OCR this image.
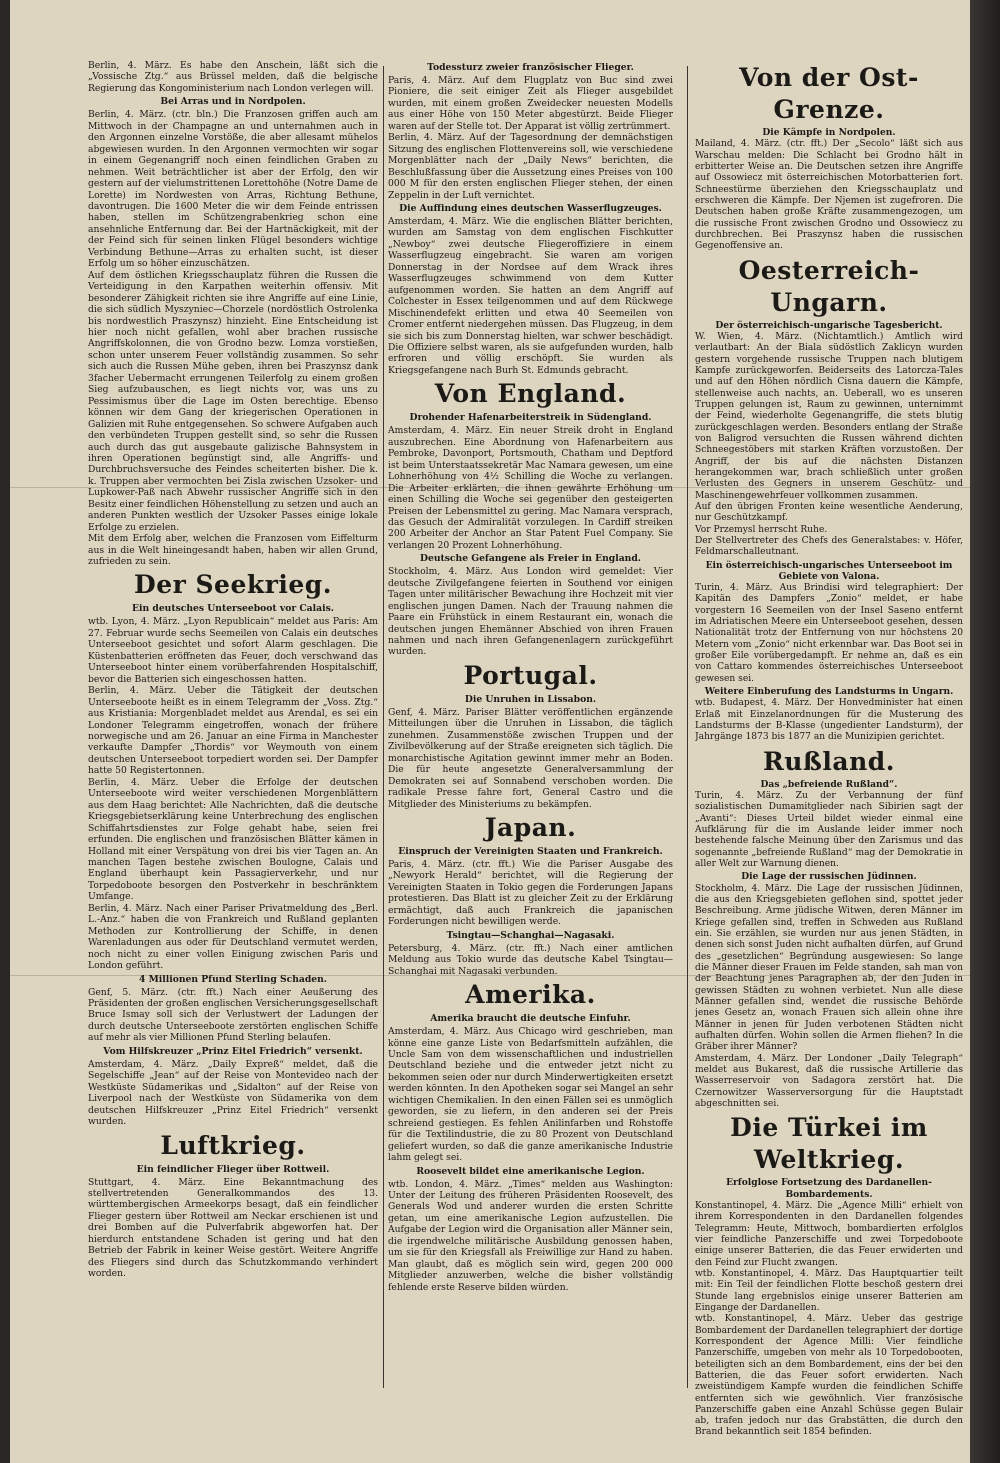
Berlin, 4. März. Es habe den Anschein, läßt sich die „Vossische Ztg.“ aus Brüssel melden, daß die belgische Regierung das Kongoministerium nach London verlegen will.

Bei Arras und in Nordpolen.

Berlin, 4. März. (ctr. bln.) Die Franzosen griffen auch am Mittwoch in der Champagne an und unternahmen auch in den Argonnen einzelne Vorstöße, die aber allesamt mühelos abgewiesen wurden. In den Argonnen vermochten wir sogar in einem Gegenangriff noch einen feindlichen Graben zu nehmen. Weit beträchtlicher ist aber der Erfolg, den wir gestern auf der vielumstrittenen Lorettohöhe (Notre Dame de Lorette) im Nordwesten von Arras, Richtung Bethune, davontrugen. Die 1600 Meter die wir dem Feinde entrissen haben, stellen im Schützengrabenkrieg schon eine ansehnliche Entfernung dar. Bei der Hartnäckigkeit, mit der der Feind sich für seinen linken Flügel besonders wichtige Verbindung Bethune—Arras zu erhalten sucht, ist dieser Erfolg um so höher einzuschätzen.

Auf dem östlichen Kriegsschauplatz führen die Russen die Verteidigung in den Karpathen weiterhin offensiv. Mit besonderer Zähigkeit richten sie ihre Angriffe auf eine Linie, die sich südlich Myszyniec—Chorzele (nordöstlich Ostrolenka bis nordwestlich Praszynsz) hinzieht. Eine Entscheidung ist hier noch nicht gefallen, wohl aber brachen russische Angriffskolonnen, die von Grodno bezw. Lomza vorstießen, schon unter unserem Feuer vollständig zusammen. So sehr sich auch die Russen Mühe geben, ihren bei Praszynsz dank 3facher Uebermacht errungenen Teilerfolg zu einem großen Sieg aufzubauschen, es liegt nichts vor, was uns zu Pessimismus über die Lage im Osten berechtige. Ebenso können wir dem Gang der kriegerischen Operationen in Galizien mit Ruhe entgegensehen. So schwere Aufgaben auch den verbündeten Truppen gestellt sind, so sehr die Russen auch durch das gut ausgebaute galizische Bahnsystem in ihren Operationen begünstigt sind, alle Angriffs- und Durchbruchsversuche des Feindes scheiterten bisher. Die k. k. Truppen aber vermochten bei Zisla zwischen Uzsoker- und Lupkower-Paß nach Abwehr russischer Angriffe sich in den Besitz einer feindlichen Höhenstellung zu setzen und auch an anderen Punkten westlich der Uzsoker Passes einige lokale Erfolge zu erzielen.

Mit dem Erfolg aber, welchen die Franzosen vom Eiffelturm aus in die Welt hineingesandt haben, haben wir allen Grund, zufrieden zu sein.

Der Seekrieg.

Ein deutsches Unterseeboot vor Calais.

wtb. Lyon, 4. März. „Lyon Republicain“ meldet aus Paris: Am 27. Februar wurde sechs Seemeilen von Calais ein deutsches Unterseeboot gesichtet und sofort Alarm geschlagen. Die Küstenbatterien eröffneten das Feuer, doch verschwand das Unterseeboot hinter einem vorüberfahrenden Hospitalschiff, bevor die Batterien sich eingeschossen hatten.

Berlin, 4. März. Ueber die Tätigkeit der deutschen Unterseeboote heißt es in einem Telegramm der „Voss. Ztg.“ aus Kristiania: Morgenbladet meldet aus Arendal, es sei ein Londoner Telegramm eingetroffen, wonach der frühere norwegische und am 26. Januar an eine Firma in Manchester verkaufte Dampfer „Thordis“ vor Weymouth von einem deutschen Unterseeboot torpediert worden sei. Der Dampfer hatte 50 Registertonnen.

Berlin, 4. März. Ueber die Erfolge der deutschen Unterseeboote wird weiter verschiedenen Morgenblättern aus dem Haag berichtet: Alle Nachrichten, daß die deutsche Kriegsgebietserklärung keine Unterbrechung des englischen Schiffahrtsdienstes zur Folge gehabt habe, seien frei erfunden. Die englischen und französischen Blätter kämen in Holland mit einer Verspätung von drei bis vier Tagen an. An manchen Tagen bestehe zwischen Boulogne, Calais und England überhaupt kein Passagierverkehr, und nur Torpedoboote besorgen den Postverkehr in beschränktem Umfange.

Berlin, 4. März. Nach einer Pariser Privatmeldung des „Berl. L.-Anz.“ haben die von Frankreich und Rußland geplanten Methoden zur Kontrollierung der Schiffe, in denen Warenladungen aus oder für Deutschland vermutet werden, noch nicht zu einer vollen Einigung zwischen Paris und London geführt.

4 Millionen Pfund Sterling Schaden.

Genf, 5. März. (ctr. fft.) Nach einer Aeußerung des Präsidenten der großen englischen Versicherungsgesellschaft Bruce Ismay soll sich der Verlustwert der Ladungen der durch deutsche Unterseeboote zerstörten englischen Schiffe auf mehr als vier Millionen Pfund Sterling belaufen.

Vom Hilfskreuzer „Prinz Eitel Friedrich“ versenkt.

Amsterdam, 4. März. „Daily Expreß“ meldet, daß die Segelschiffe „Jean“ auf der Reise von Montevideo nach der Westküste Südamerikas und „Sidalton“ auf der Reise von Liverpool nach der Westküste von Südamerika von dem deutschen Hilfskreuzer „Prinz Eitel Friedrich“ versenkt wurden.

Luftkrieg.

Ein feindlicher Flieger über Rottweil.

Stuttgart, 4. März. Eine Bekanntmachung des stellvertretenden Generalkommandos des 13. württembergischen Armeekorps besagt, daß ein feindlicher Flieger gestern über Rottweil am Neckar erschienen ist und drei Bomben auf die Pulverfabrik abgeworfen hat. Der hierdurch entstandene Schaden ist gering und hat den Betrieb der Fabrik in keiner Weise gestört. Weitere Angriffe des Fliegers sind durch das Schutzkommando verhindert worden.

Todessturz zweier französischer Flieger.

Paris, 4. März. Auf dem Flugplatz von Buc sind zwei Pioniere, die seit einiger Zeit als Flieger ausgebildet wurden, mit einem großen Zweidecker neuesten Modells aus einer Höhe von 150 Meter abgestürzt. Beide Flieger waren auf der Stelle tot. Der Apparat ist völlig zertrümmert.

Berlin, 4. März. Auf der Tagesordnung der demnächstigen Sitzung des englischen Flottenvereins soll, wie verschiedene Morgenblätter nach der „Daily News“ berichten, die Beschlußfassung über die Aussetzung eines Preises von 100 000 M für den ersten englischen Flieger stehen, der einen Zeppelin in der Luft vernichtet.

Die Auffindung eines deutschen Wasserflugzeuges.

Amsterdam, 4. März. Wie die englischen Blätter berichten, wurden am Samstag von dem englischen Fischkutter „Newboy“ zwei deutsche Fliegeroffiziere in einem Wasserflugzeug eingebracht. Sie waren am vorigen Donnerstag in der Nordsee auf dem Wrack ihres Wasserflugzeuges schwimmend von dem Kutter aufgenommen worden. Sie hatten an dem Angriff auf Colchester in Essex teilgenommen und auf dem Rückwege Mischinendefekt erlitten und etwa 40 Seemeilen von Cromer entfernt niedergehen müssen. Das Flugzeug, in dem sie sich bis zum Donnerstag hielten, war schwer beschädigt. Die Offiziere selbst waren, als sie aufgefunden wurden, halb erfroren und völlig erschöpft. Sie wurden als Kriegsgefangene nach Burh St. Edmunds gebracht.

Von England.

Drohender Hafenarbeiterstreik in Südengland.

Amsterdam, 4. März. Ein neuer Streik droht in England auszubrechen. Eine Abordnung von Hafenarbeitern aus Pembroke, Davonport, Portsmouth, Chatham und Deptford ist beim Unterstaatssekretär Mac Namara gewesen, um eine Lohnerhöhung von 4½ Schilling die Woche zu verlangen. Die Arbeiter erklärten, die ihnen gewährte Erhöhung um einen Schilling die Woche sei gegenüber den gesteigerten Preisen der Lebensmittel zu gering. Mac Namara versprach, das Gesuch der Admiralität vorzulegen. In Cardiff streiken 200 Arbeiter der Anchor an Star Patent Fuel Company. Sie verlangen 20 Prozent Lohnerhöhung.

Deutsche Gefangene als Freier in England.

Stockholm, 4. März. Aus London wird gemeldet: Vier deutsche Zivilgefangene feierten in Southend vor einigen Tagen unter militärischer Bewachung ihre Hochzeit mit vier englischen jungen Damen. Nach der Trauung nahmen die Paare ein Frühstück in einem Restaurant ein, wonach die deutschen jungen Ehemänner Abschied von ihren Frauen nahmen und nach ihren Gefangenenlagern zurückgeführt wurden.

Portugal.

Die Unruhen in Lissabon.

Genf, 4. März. Pariser Blätter veröffentlichen ergänzende Mitteilungen über die Unruhen in Lissabon, die täglich zunehmen. Zusammenstöße zwischen Truppen und der Zivilbevölkerung auf der Straße ereigneten sich täglich. Die monarchistische Agitation gewinnt immer mehr an Boden. Die für heute angesetzte Generalversammlung der Demokraten sei auf Sonnabend verschoben worden. Die radikale Presse fahre fort, General Castro und die Mitglieder des Ministeriums zu bekämpfen.

Japan.

Einspruch der Vereinigten Staaten und Frankreich.

Paris, 4. März. (ctr. fft.) Wie die Pariser Ausgabe des „Newyork Herald“ berichtet, will die Regierung der Vereinigten Staaten in Tokio gegen die Forderungen Japans protestieren. Das Blatt ist zu gleicher Zeit zu der Erklärung ermächtigt, daß auch Frankreich die japanischen Forderungen nicht bewilligen werde.

Tsingtau—Schanghai—Nagasaki.

Petersburg, 4. März. (ctr. fft.) Nach einer amtlichen Meldung aus Tokio wurde das deutsche Kabel Tsingtau—Schanghai mit Nagasaki verbunden.

Amerika.

Amerika braucht die deutsche Einfuhr.

Amsterdam, 4. März. Aus Chicago wird geschrieben, man könne eine ganze Liste von Bedarfsmitteln aufzählen, die Uncle Sam von dem wissenschaftlichen und industriellen Deutschland beziehe und die entweder jetzt nicht zu bekommen seien oder nur durch Minderwertigkeiten ersetzt werden könnten. In den Apotheken sogar sei Mangel an sehr wichtigen Chemikalien. In den einen Fällen sei es unmöglich geworden, sie zu liefern, in den anderen sei der Preis schreiend gestiegen. Es fehlen Anilinfarben und Rohstoffe für die Textilindustrie, die zu 80 Prozent von Deutschland geliefert wurden, so daß die ganze amerikanische Industrie lahm gelegt sei.

Roosevelt bildet eine amerikanische Legion.

wtb. London, 4. März. „Times“ melden aus Washington: Unter der Leitung des früheren Präsidenten Roosevelt, des Generals Wod und anderer wurden die ersten Schritte getan, um eine amerikanische Legion aufzustellen. Die Aufgabe der Legion wird die Organisation aller Männer sein, die irgendwelche militärische Ausbildung genossen haben, um sie für den Kriegsfall als Freiwillige zur Hand zu haben. Man glaubt, daß es möglich sein wird, gegen 200 000 Mitglieder anzuwerben, welche die bisher vollständig fehlende erste Reserve bilden würden.

Von der Ost-Grenze.

Die Kämpfe in Nordpolen.

Mailand, 4. März. (ctr. fft.) Der „Secolo“ läßt sich aus Warschau melden: Die Schlacht bei Grodno hält in erbitterter Weise an. Die Deutschen setzen ihre Angriffe auf Ossowiecz mit österreichischen Motorbatterien fort. Schneestürme überziehen den Kriegsschauplatz und erschweren die Kämpfe. Der Njemen ist zugefroren. Die Deutschen haben große Kräfte zusammengezogen, um die russische Front zwischen Grodno und Ossowiecz zu durchbrechen. Bei Praszynsz haben die russischen Gegenoffensive an.

Oesterreich-Ungarn.

Der österreichisch-ungarische Tagesbericht.

W. Wien, 4. März. (Nichtamtlich.) Amtlich wird verlautbart: An der Biala südöstlich Zaklicyn wurden gestern vorgehende russische Truppen nach blutigem Kampfe zurückgeworfen. Beiderseits des Latorcza-Tales und auf den Höhen nördlich Cisna dauern die Kämpfe, stellenweise auch nachts, an. Ueberall, wo es unseren Truppen gelungen ist, Raum zu gewinnen, unternimmt der Feind, wiederholte Gegenangriffe, die stets blutig zurückgeschlagen werden. Besonders entlang der Straße von Baligrod versuchten die Russen während dichten Schneegestöbers mit starken Kräften vorzustoßen. Der Angriff, der bis auf die nächsten Distanzen herangekommen war, brach schließlich unter großen Verlusten des Gegners in unserem Geschütz- und Maschinengewehrfeuer vollkommen zusammen.

Auf den übrigen Fronten keine wesentliche Aenderung, nur Geschützkampf.

Vor Przemysl herrscht Ruhe.

Der Stellvertreter des Chefs des Generalstabes: v. Höfer, Feldmarschalleutnant.

Ein österreichisch-ungarisches Unterseeboot im Gebiete von Valona.

Turin, 4. März. Aus Brindisi wird telegraphiert: Der Kapitän des Dampfers „Zonio“ meldet, er habe vorgestern 16 Seemeilen von der Insel Saseno entfernt im Adriatischen Meere ein Unterseeboot gesehen, dessen Nationalität trotz der Entfernung von nur höchstens 20 Metern vom „Zonio“ nicht erkennbar war. Das Boot sei in großer Eile vorübergedampft. Er nehme an, daß es ein von Cattaro kommendes österreichisches Unterseeboot gewesen sei.

Weitere Einberufung des Landsturms in Ungarn.

wtb. Budapest, 4. März. Der Honvedminister hat einen Erlaß mit Einzelanordnungen für die Musterung des Landsturms der B-Klasse (ungedienter Landsturm), der Jahrgänge 1873 bis 1877 an die Munizipien gerichtet.

Rußland.

Das „befreiende Rußland“.

Turin, 4. März. Zu der Verbannung der fünf sozialistischen Dumamitglieder nach Sibirien sagt der „Avanti“: Dieses Urteil bildet wieder einmal eine Aufklärung für die im Auslande leider immer noch bestehende falsche Meinung über den Zarismus und das sogenannte „befreiende Rußland“ mag der Demokratie in aller Welt zur Warnung dienen.

Die Lage der russischen Jüdinnen.

Stockholm, 4. März. Die Lage der russischen Jüdinnen, die aus den Kriegsgebieten geflohen sind, spottet jeder Beschreibung. Arme jüdische Witwen, deren Männer im Kriege gefallen sind, treffen in Schweden aus Rußland ein. Sie erzählen, sie wurden nur aus jenen Städten, in denen sich sonst Juden nicht aufhalten dürfen, auf Grund des „gesetzlichen“ Begründung ausgewiesen: So lange die Männer dieser Frauen im Felde standen, sah man von der Beachtung jenes Paragraphen ab, der den Juden in gewissen Städten zu wohnen verbietet. Nun alle diese Männer gefallen sind, wendet die russische Behörde jenes Gesetz an, wonach Frauen sich allein ohne ihre Männer in jenen für Juden verbotenen Städten nicht aufhalten dürfen. Wohin sollen die Armen fliehen? In die Gräber ihrer Männer?

Amsterdam, 4. März. Der Londoner „Daily Telegraph“ meldet aus Bukarest, daß die russische Artillerie das Wasserreservoir von Sadagora zerstört hat. Die Czernowitzer Wasserversorgung für die Hauptstadt abgeschnitten sei.

Die Türkei im Weltkrieg.

Erfolglose Fortsetzung des Dardanellen-Bombardements.

Konstantinopel, 4. März. Die „Agence Milli“ erhielt von ihrem Korrespondenten in den Dardanellen folgendes Telegramm: Heute, Mittwoch, bombardierten erfolglos vier feindliche Panzerschiffe und zwei Torpedoboote einige unserer Batterien, die das Feuer erwiderten und den Feind zur Flucht zwangen.

wtb. Konstantinopel, 4. März. Das Hauptquartier teilt mit: Ein Teil der feindlichen Flotte beschoß gestern drei Stunde lang ergebnislos einige unserer Batterien am Eingange der Dardanellen.

wtb. Konstantinopel, 4. März. Ueber das gestrige Bombardement der Dardanellen telegraphiert der dortige Korrespondent der Agence Milli: Vier feindliche Panzerschiffe, umgeben von mehr als 10 Torpedobooten, beteiligten sich an dem Bombardement, eins der bei den Batterien, die das Feuer sofort erwiderten. Nach zweistündigem Kampfe wurden die feindlichen Schiffe entfernten sich wie gewöhnlich. Vier französische Panzerschiffe gaben eine Anzahl Schüsse gegen Bulair ab, trafen jedoch nur das Grabstätten, die durch den Brand bekanntlich seit 1854 befinden.
